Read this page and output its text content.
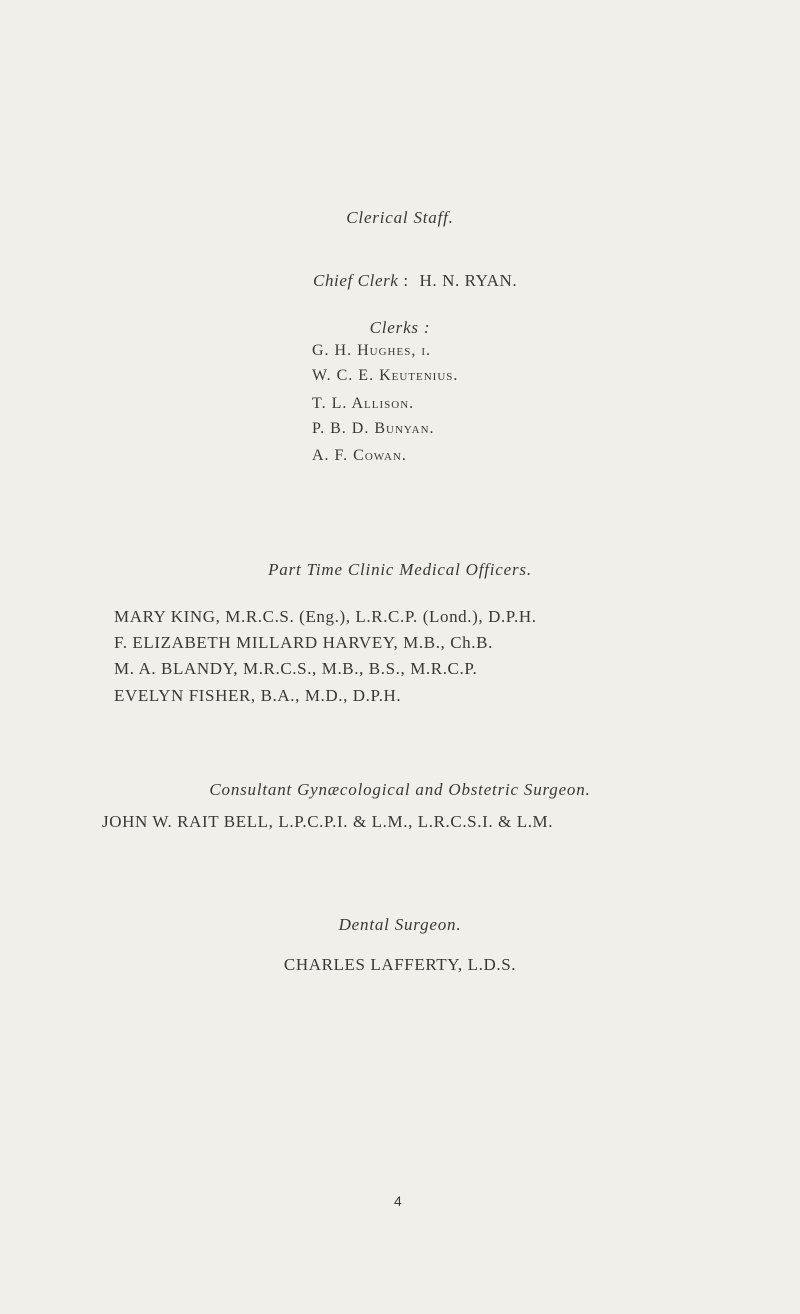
Clerical Staff.
Chief Clerk : H. N. RYAN.
Clerks :
G. H. Hughes, i.
W. C. E. Keutenius.
T. L. Allison.
P. B. D. Bunyan.
A. F. Cowan.
Part Time Clinic Medical Officers.
MARY KING, M.R.C.S. (Eng.), L.R.C.P. (Lond.), D.P.H.
F. ELIZABETH MILLARD HARVEY, M.B., Ch.B.
M. A. BLANDY, M.R.C.S., M.B., B.S., M.R.C.P.
EVELYN FISHER, B.A., M.D., D.P.H.
Consultant Gynæcological and Obstetric Surgeon.
JOHN W. RAIT BELL, L.P.C.P.I. & L.M., L.R.C.S.I. & L.M.
Dental Surgeon.
CHARLES LAFFERTY, L.D.S.
4
